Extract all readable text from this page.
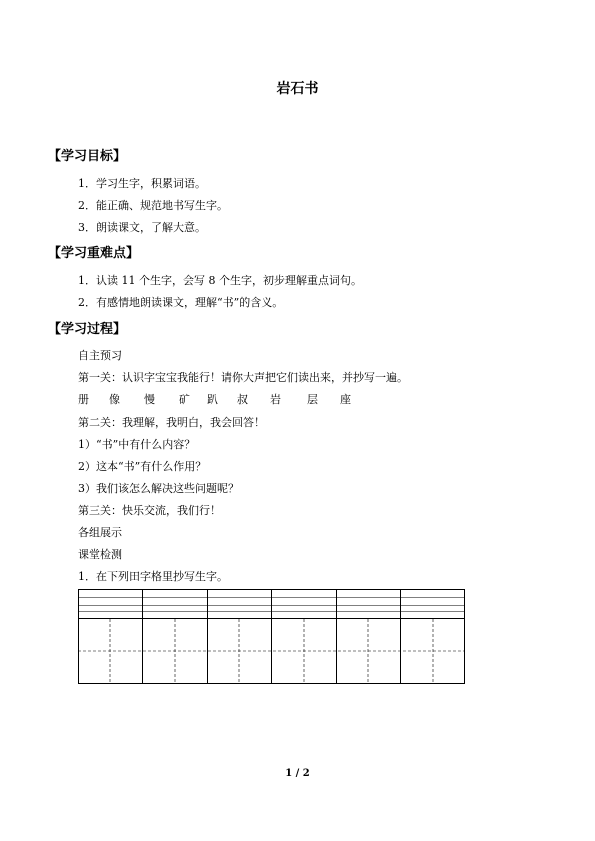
岩石书
【学习目标】
1．学习生字，积累词语。
2．能正确、规范地书写生字。
3．朗读课文，了解大意。
【学习重难点】
1．认读 11 个生字，会写 8 个生字，初步理解重点词句。
2．有感情地朗读课文，理解“书”的含义。
【学习过程】
自主预习
第一关：认识字宝宝我能行！请你大声把它们读出来，并抄写一遍。
册 像 慢 矿 趴 叔 岩 层 座
第二关：我理解，我明白，我会回答！
1）“书”中有什么内容？
2）这本“书”有什么作用？
3）我们该怎么解决这些问题呢？
第三关：快乐交流，我们行！
各组展示
课堂检测
1．在下列田字格里抄写生字。
1 / 2
